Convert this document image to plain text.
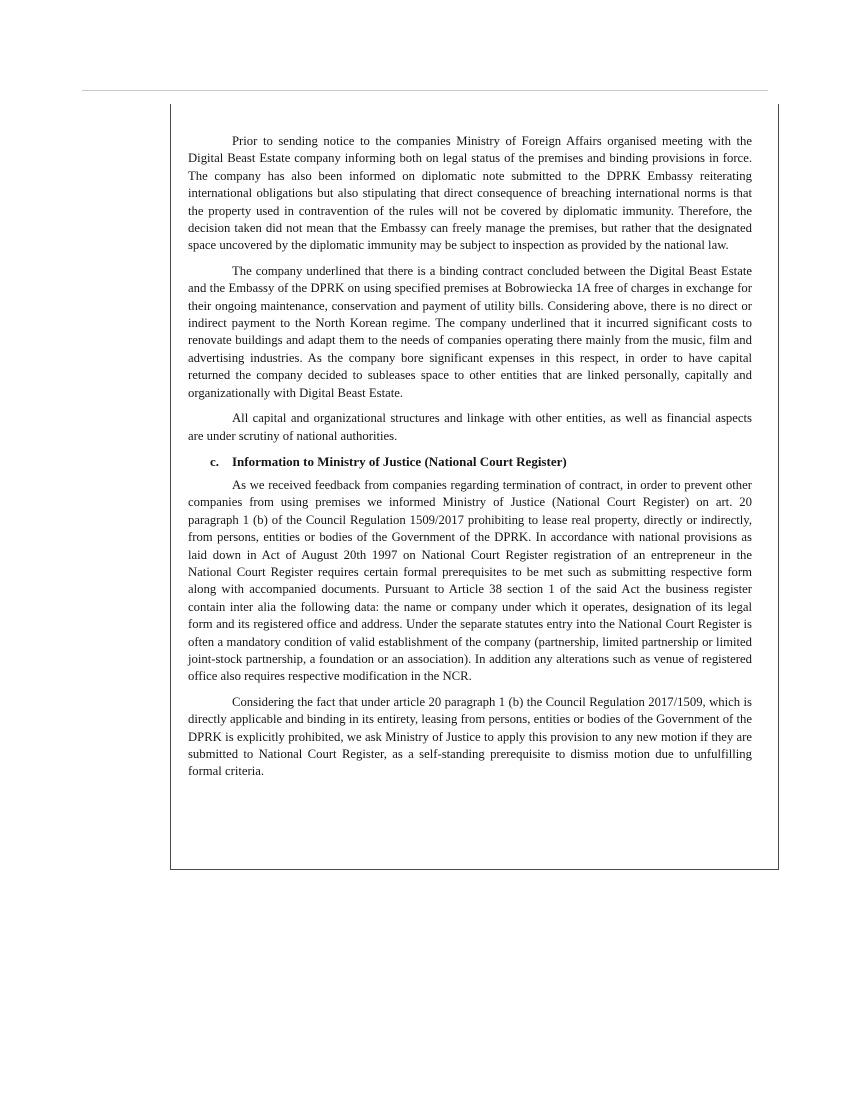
Prior to sending notice to the companies Ministry of Foreign Affairs organised meeting with the Digital Beast Estate company informing both on legal status of the premises and binding provisions in force. The company has also been informed on diplomatic note submitted to the DPRK Embassy reiterating international obligations but also stipulating that direct consequence of breaching international norms is that the property used in contravention of the rules will not be covered by diplomatic immunity. Therefore, the decision taken did not mean that the Embassy can freely manage the premises, but rather that the designated space uncovered by the diplomatic immunity may be subject to inspection as provided by the national law.

The company underlined that there is a binding contract concluded between the Digital Beast Estate and the Embassy of the DPRK on using specified premises at Bobrowiecka 1A free of charges in exchange for their ongoing maintenance, conservation and payment of utility bills. Considering above, there is no direct or indirect payment to the North Korean regime. The company underlined that it incurred significant costs to renovate buildings and adapt them to the needs of companies operating there mainly from the music, film and advertising industries. As the company bore significant expenses in this respect, in order to have capital returned the company decided to subleases space to other entities that are linked personally, capitally and organizationally with Digital Beast Estate.

All capital and organizational structures and linkage with other entities, as well as financial aspects are under scrutiny of national authorities.

c. Information to Ministry of Justice (National Court Register)

As we received feedback from companies regarding termination of contract, in order to prevent other companies from using premises we informed Ministry of Justice (National Court Register) on art. 20 paragraph 1 (b) of the Council Regulation 1509/2017 prohibiting to lease real property, directly or indirectly, from persons, entities or bodies of the Government of the DPRK. In accordance with national provisions as laid down in Act of August 20th 1997 on National Court Register registration of an entrepreneur in the National Court Register requires certain formal prerequisites to be met such as submitting respective form along with accompanied documents. Pursuant to Article 38 section 1 of the said Act the business register contain inter alia the following data: the name or company under which it operates, designation of its legal form and its registered office and address. Under the separate statutes entry into the National Court Register is often a mandatory condition of valid establishment of the company (partnership, limited partnership or limited joint-stock partnership, a foundation or an association). In addition any alterations such as venue of registered office also requires respective modification in the NCR.

Considering the fact that under article 20 paragraph 1 (b) the Council Regulation 2017/1509, which is directly applicable and binding in its entirety, leasing from persons, entities or bodies of the Government of the DPRK is explicitly prohibited, we ask Ministry of Justice to apply this provision to any new motion if they are submitted to National Court Register, as a self-standing prerequisite to dismiss motion due to unfulfilling formal criteria.
